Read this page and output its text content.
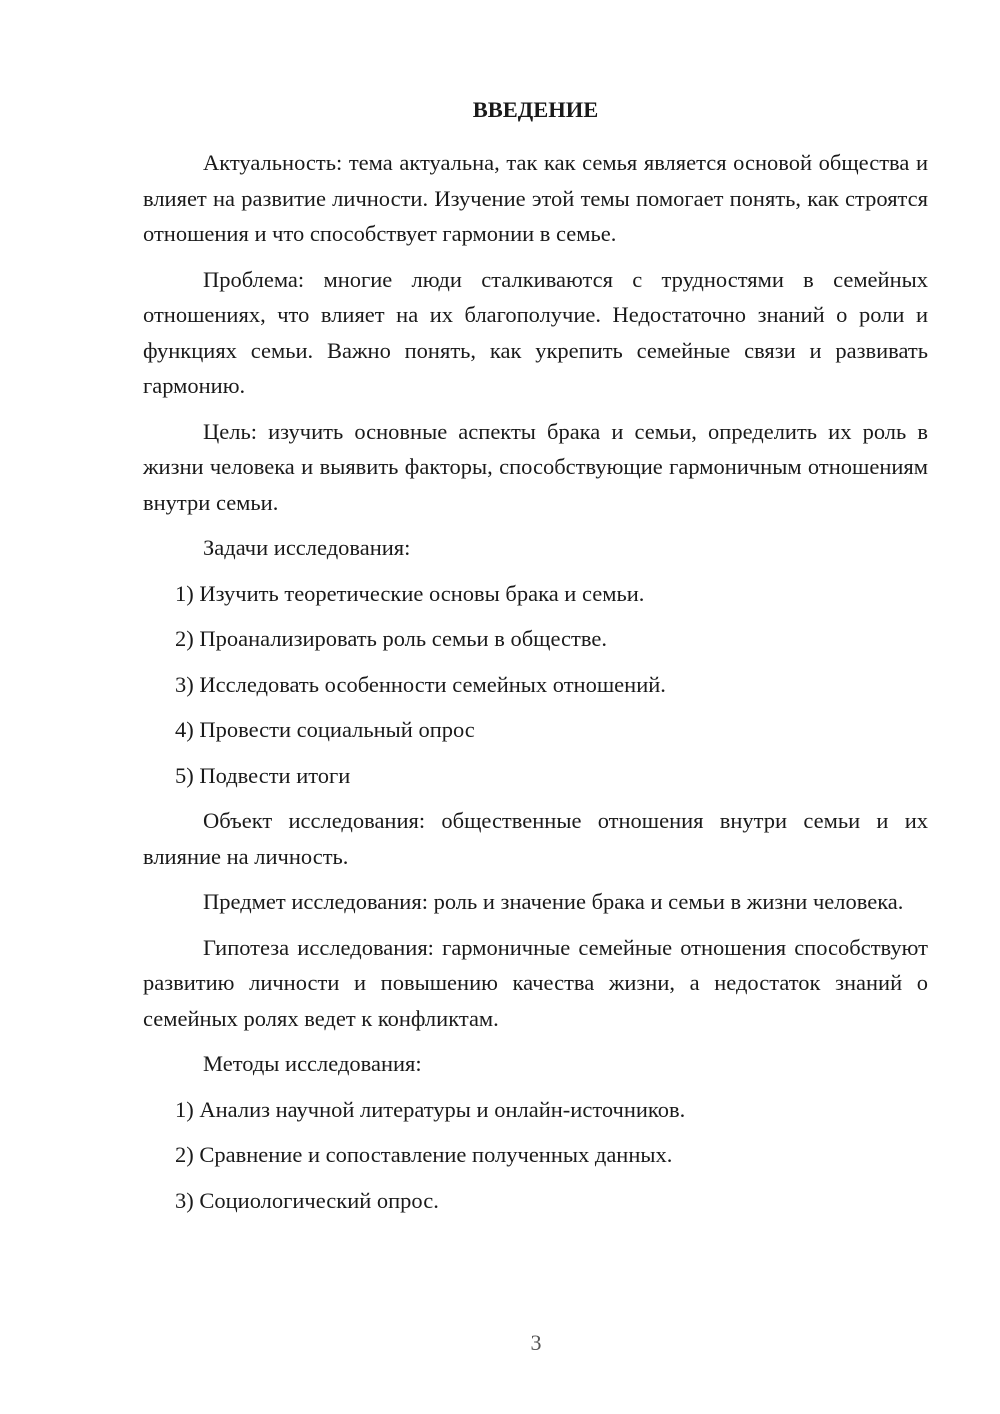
ВВЕДЕНИЕ

Актуальность: тема актуальна, так как семья является основой общества и влияет на развитие личности. Изучение этой темы помогает понять, как строятся отношения и что способствует гармонии в семье.

Проблема: многие люди сталкиваются с трудностями в семейных отношениях, что влияет на их благополучие. Недостаточно знаний о роли и функциях семьи. Важно понять, как укрепить семейные связи и развивать гармонию.

Цель: изучить основные аспекты брака и семьи, определить их роль в жизни человека и выявить факторы, способствующие гармоничным отношениям внутри семьи.

Задачи исследования:

1) Изучить теоретические основы брака и семьи.
2) Проанализировать роль семьи в обществе.
3) Исследовать особенности семейных отношений.
4) Провести социальный опрос
5) Подвести итоги

Объект исследования: общественные отношения внутри семьи и их влияние на личность.

Предмет исследования: роль и значение брака и семьи в жизни человека.

Гипотеза исследования: гармоничные семейные отношения способствуют развитию личности и повышению качества жизни, а недостаток знаний о семейных ролях ведет к конфликтам.

Методы исследования:

1) Анализ научной литературы и онлайн-источников.
2) Сравнение и сопоставление полученных данных.
3) Социологический опрос.
3
